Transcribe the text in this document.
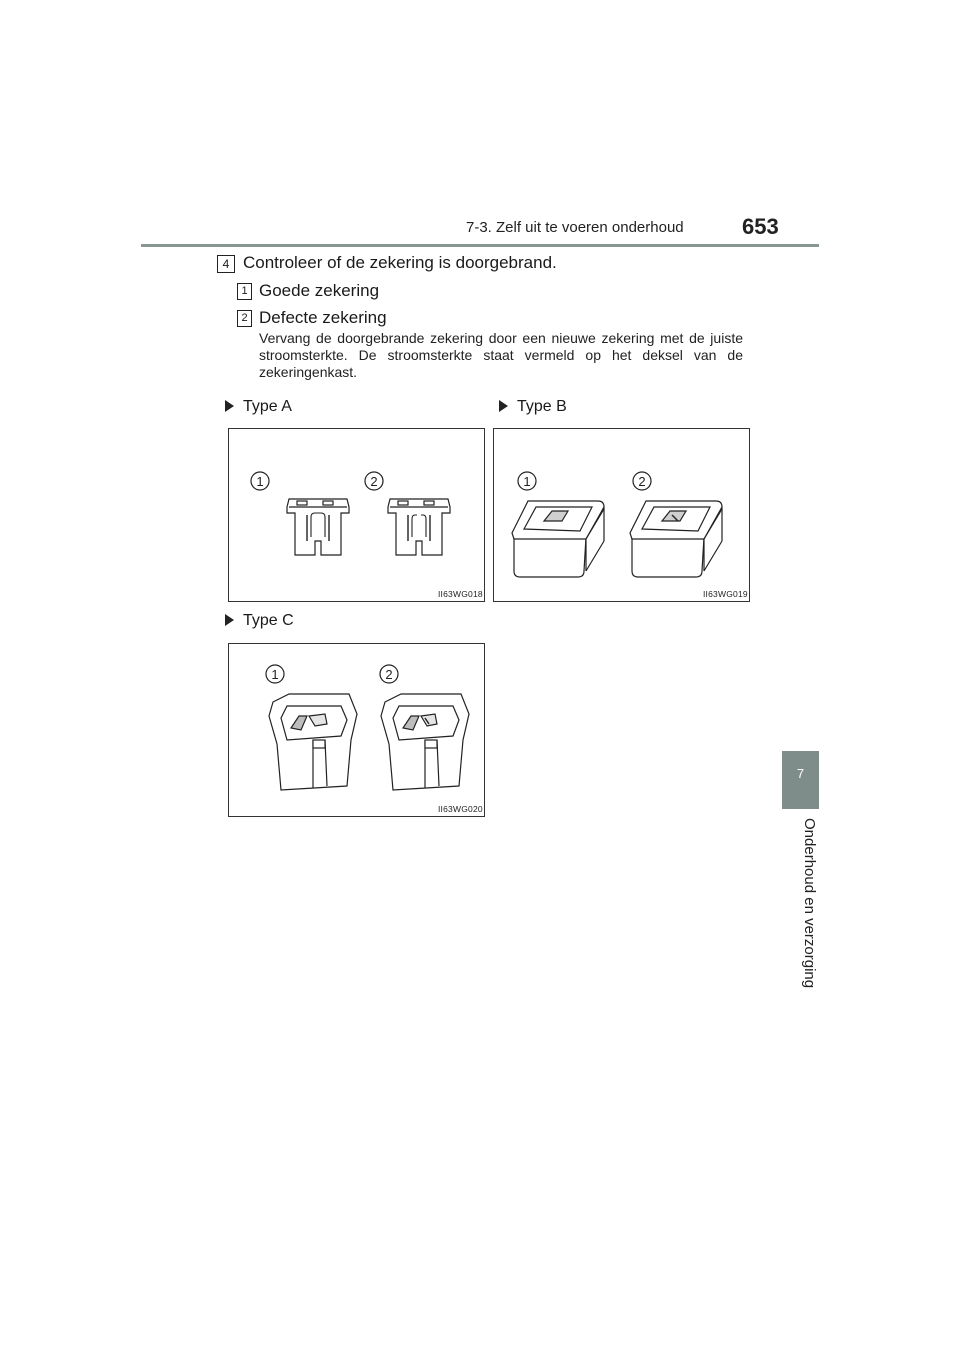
7-3. Zelf uit te voeren onderhoud	653
7
Onderhoud en verzorging
4 Controleer of de zekering is doorgebrand.
1 Goede zekering
2 Defecte zekering
Vervang de doorgebrande zekering door een nieuwe zekering met de juiste stroomsterkte. De stroomsterkte staat vermeld op het deksel van de zekeringenkast.
Type A	Type B
Type C
1	2
II63WG018
1	2
II63WG019
1	2
II63WG020
